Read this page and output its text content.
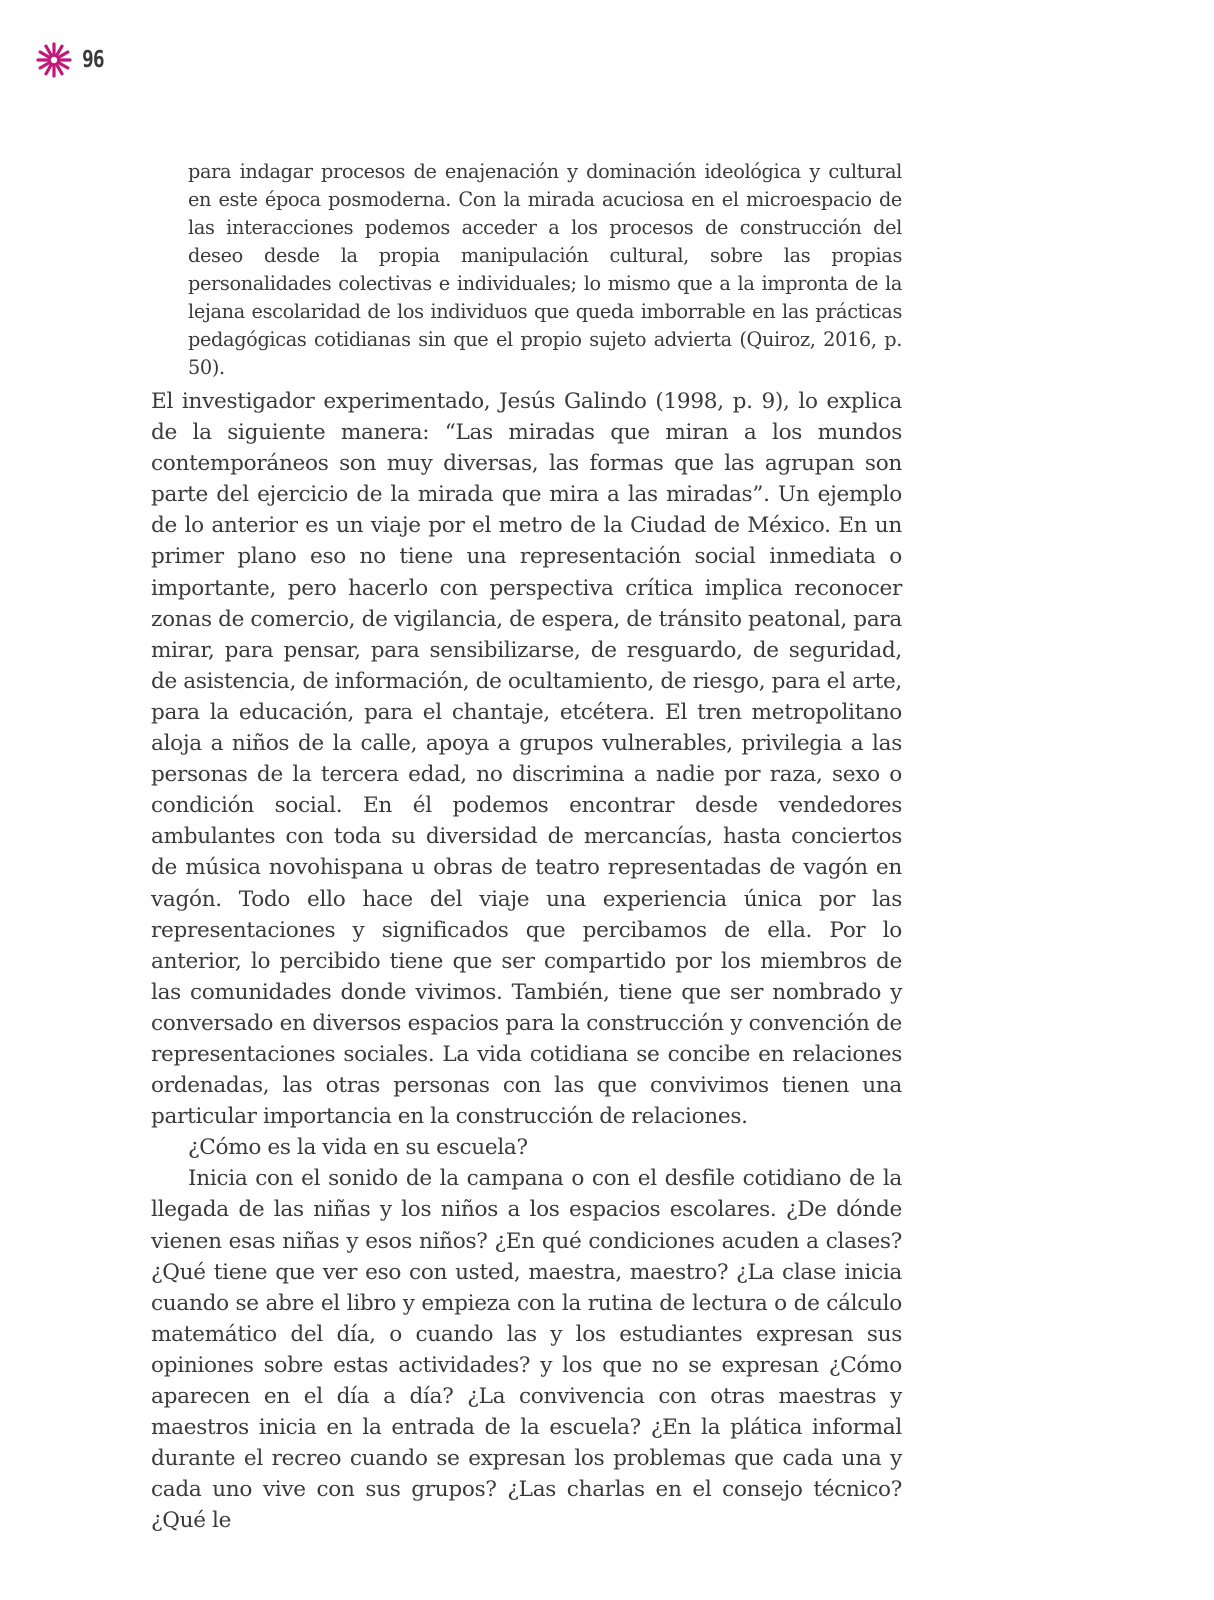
96

para indagar procesos de enajenación y dominación ideológica y cultural en este época posmoderna. Con la mirada acuciosa en el microespacio de las interacciones podemos acceder a los procesos de construcción del deseo desde la propia manipulación cultural, sobre las propias personalidades colectivas e individuales; lo mismo que a la impronta de la lejana escolaridad de los individuos que queda imborrable en las prácticas pedagógicas cotidianas sin que el propio sujeto advierta (Quiroz, 2016, p. 50).

El investigador experimentado, Jesús Galindo (1998, p. 9), lo explica de la siguiente manera: “Las miradas que miran a los mundos contemporáneos son muy diversas, las formas que las agrupan son parte del ejercicio de la mirada que mira a las miradas”. Un ejemplo de lo anterior es un viaje por el metro de la Ciudad de México. En un primer plano eso no tiene una representación social inmediata o importante, pero hacerlo con perspectiva crítica implica reconocer zonas de comercio, de vigilancia, de espera, de tránsito peatonal, para mirar, para pensar, para sensibilizarse, de resguardo, de seguridad, de asistencia, de información, de ocultamiento, de riesgo, para el arte, para la educación, para el chantaje, etcétera. El tren metropolitano aloja a niños de la calle, apoya a grupos vulnerables, privilegia a las personas de la tercera edad, no discrimina a nadie por raza, sexo o condición social. En él podemos encontrar desde vendedores ambulantes con toda su diversidad de mercancías, hasta conciertos de música novohispana u obras de teatro representadas de vagón en vagón. Todo ello hace del viaje una experiencia única por las representaciones y significados que percibamos de ella. Por lo anterior, lo percibido tiene que ser compartido por los miembros de las comunidades donde vivimos. También, tiene que ser nombrado y conversado en diversos espacios para la construcción y convención de representaciones sociales. La vida cotidiana se concibe en relaciones ordenadas, las otras personas con las que convivimos tienen una particular importancia en la construcción de relaciones.

¿Cómo es la vida en su escuela?

Inicia con el sonido de la campana o con el desfile cotidiano de la llegada de las niñas y los niños a los espacios escolares. ¿De dónde vienen esas niñas y esos niños? ¿En qué condiciones acuden a clases? ¿Qué tiene que ver eso con usted, maestra, maestro? ¿La clase inicia cuando se abre el libro y empieza con la rutina de lectura o de cálculo matemático del día, o cuando las y los estudiantes expresan sus opiniones sobre estas actividades? y los que no se expresan ¿Cómo aparecen en el día a día? ¿La convivencia con otras maestras y maestros inicia en la entrada de la escuela? ¿En la plática informal durante el recreo cuando se expresan los problemas que cada una y cada uno vive con sus grupos? ¿Las charlas en el consejo técnico? ¿Qué le
